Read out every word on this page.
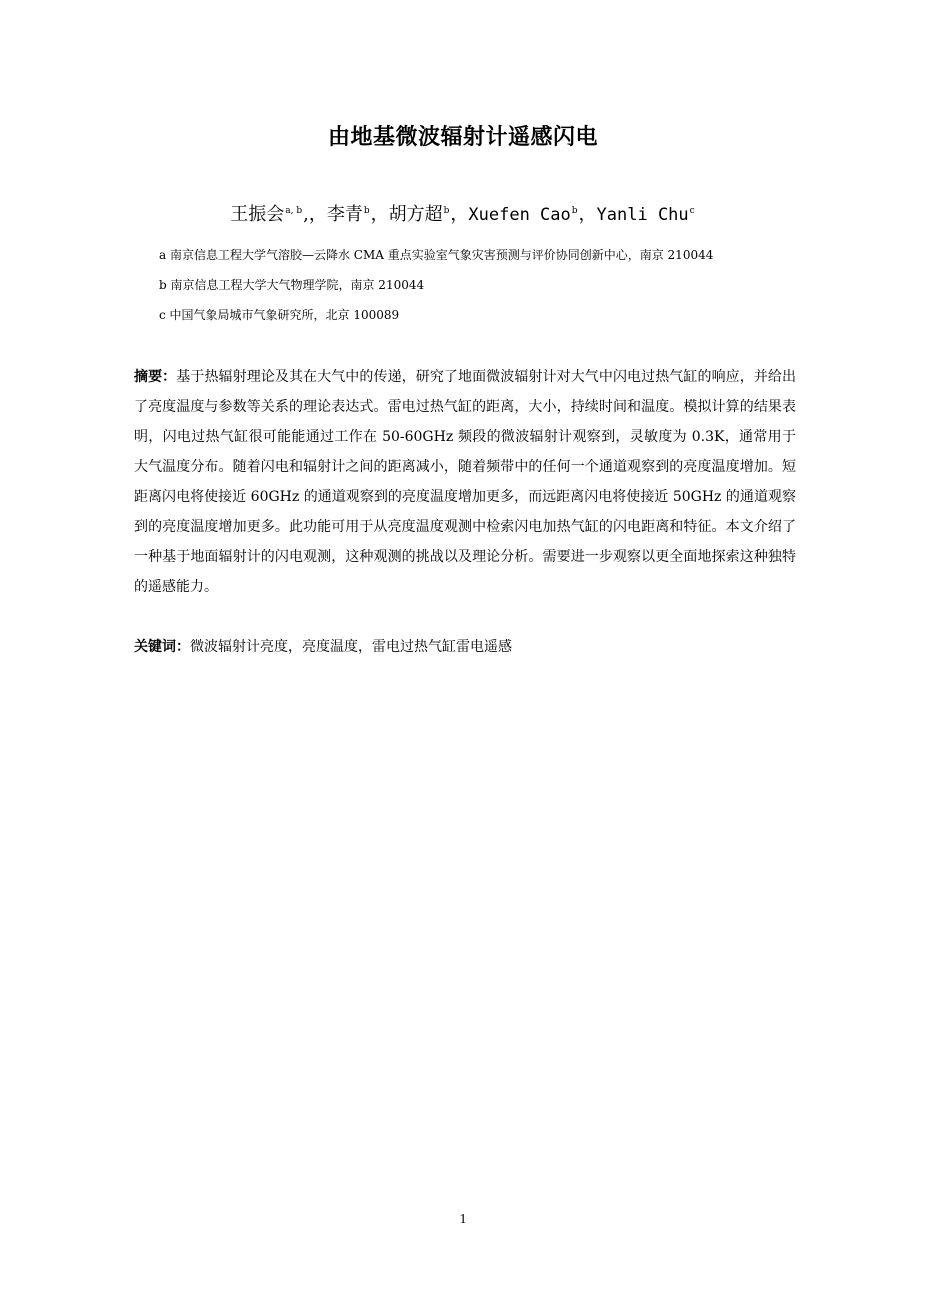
由地基微波辐射计遥感闪电
王振会$^{a, b}$,，李青$^b$，胡方超$^b$，Xuefen Cao$^b$，Yanli Chu$^c$
a 南京信息工程大学气溶胶—云降水 CMA 重点实验室气象灾害预测与评价协同创新中心，南京 210044
b 南京信息工程大学大气物理学院，南京 210044
c 中国气象局城市气象研究所，北京 100089
摘要：基于热辐射理论及其在大气中的传递，研究了地面微波辐射计对大气中闪电过热气缸的响应，并给出了亮度温度与参数等关系的理论表达式。雷电过热气缸的距离，大小，持续时间和温度。模拟计算的结果表明，闪电过热气缸很可能能通过工作在 50-60GHz 频段的微波辐射计观察到，灵敏度为 0.3K，通常用于大气温度分布。随着闪电和辐射计之间的距离减小，随着频带中的任何一个通道观察到的亮度温度增加。短距离闪电将使接近 60GHz 的通道观察到的亮度温度增加更多，而远距离闪电将使接近 50GHz 的通道观察到的亮度温度增加更多。此功能可用于从亮度温度观测中检索闪电加热气缸的闪电距离和特征。本文介绍了一种基于地面辐射计的闪电观测，这种观测的挑战以及理论分析。需要进一步观察以更全面地探索这种独特的遥感能力。
关键词：微波辐射计亮度，亮度温度，雷电过热气缸雷电遥感
1
